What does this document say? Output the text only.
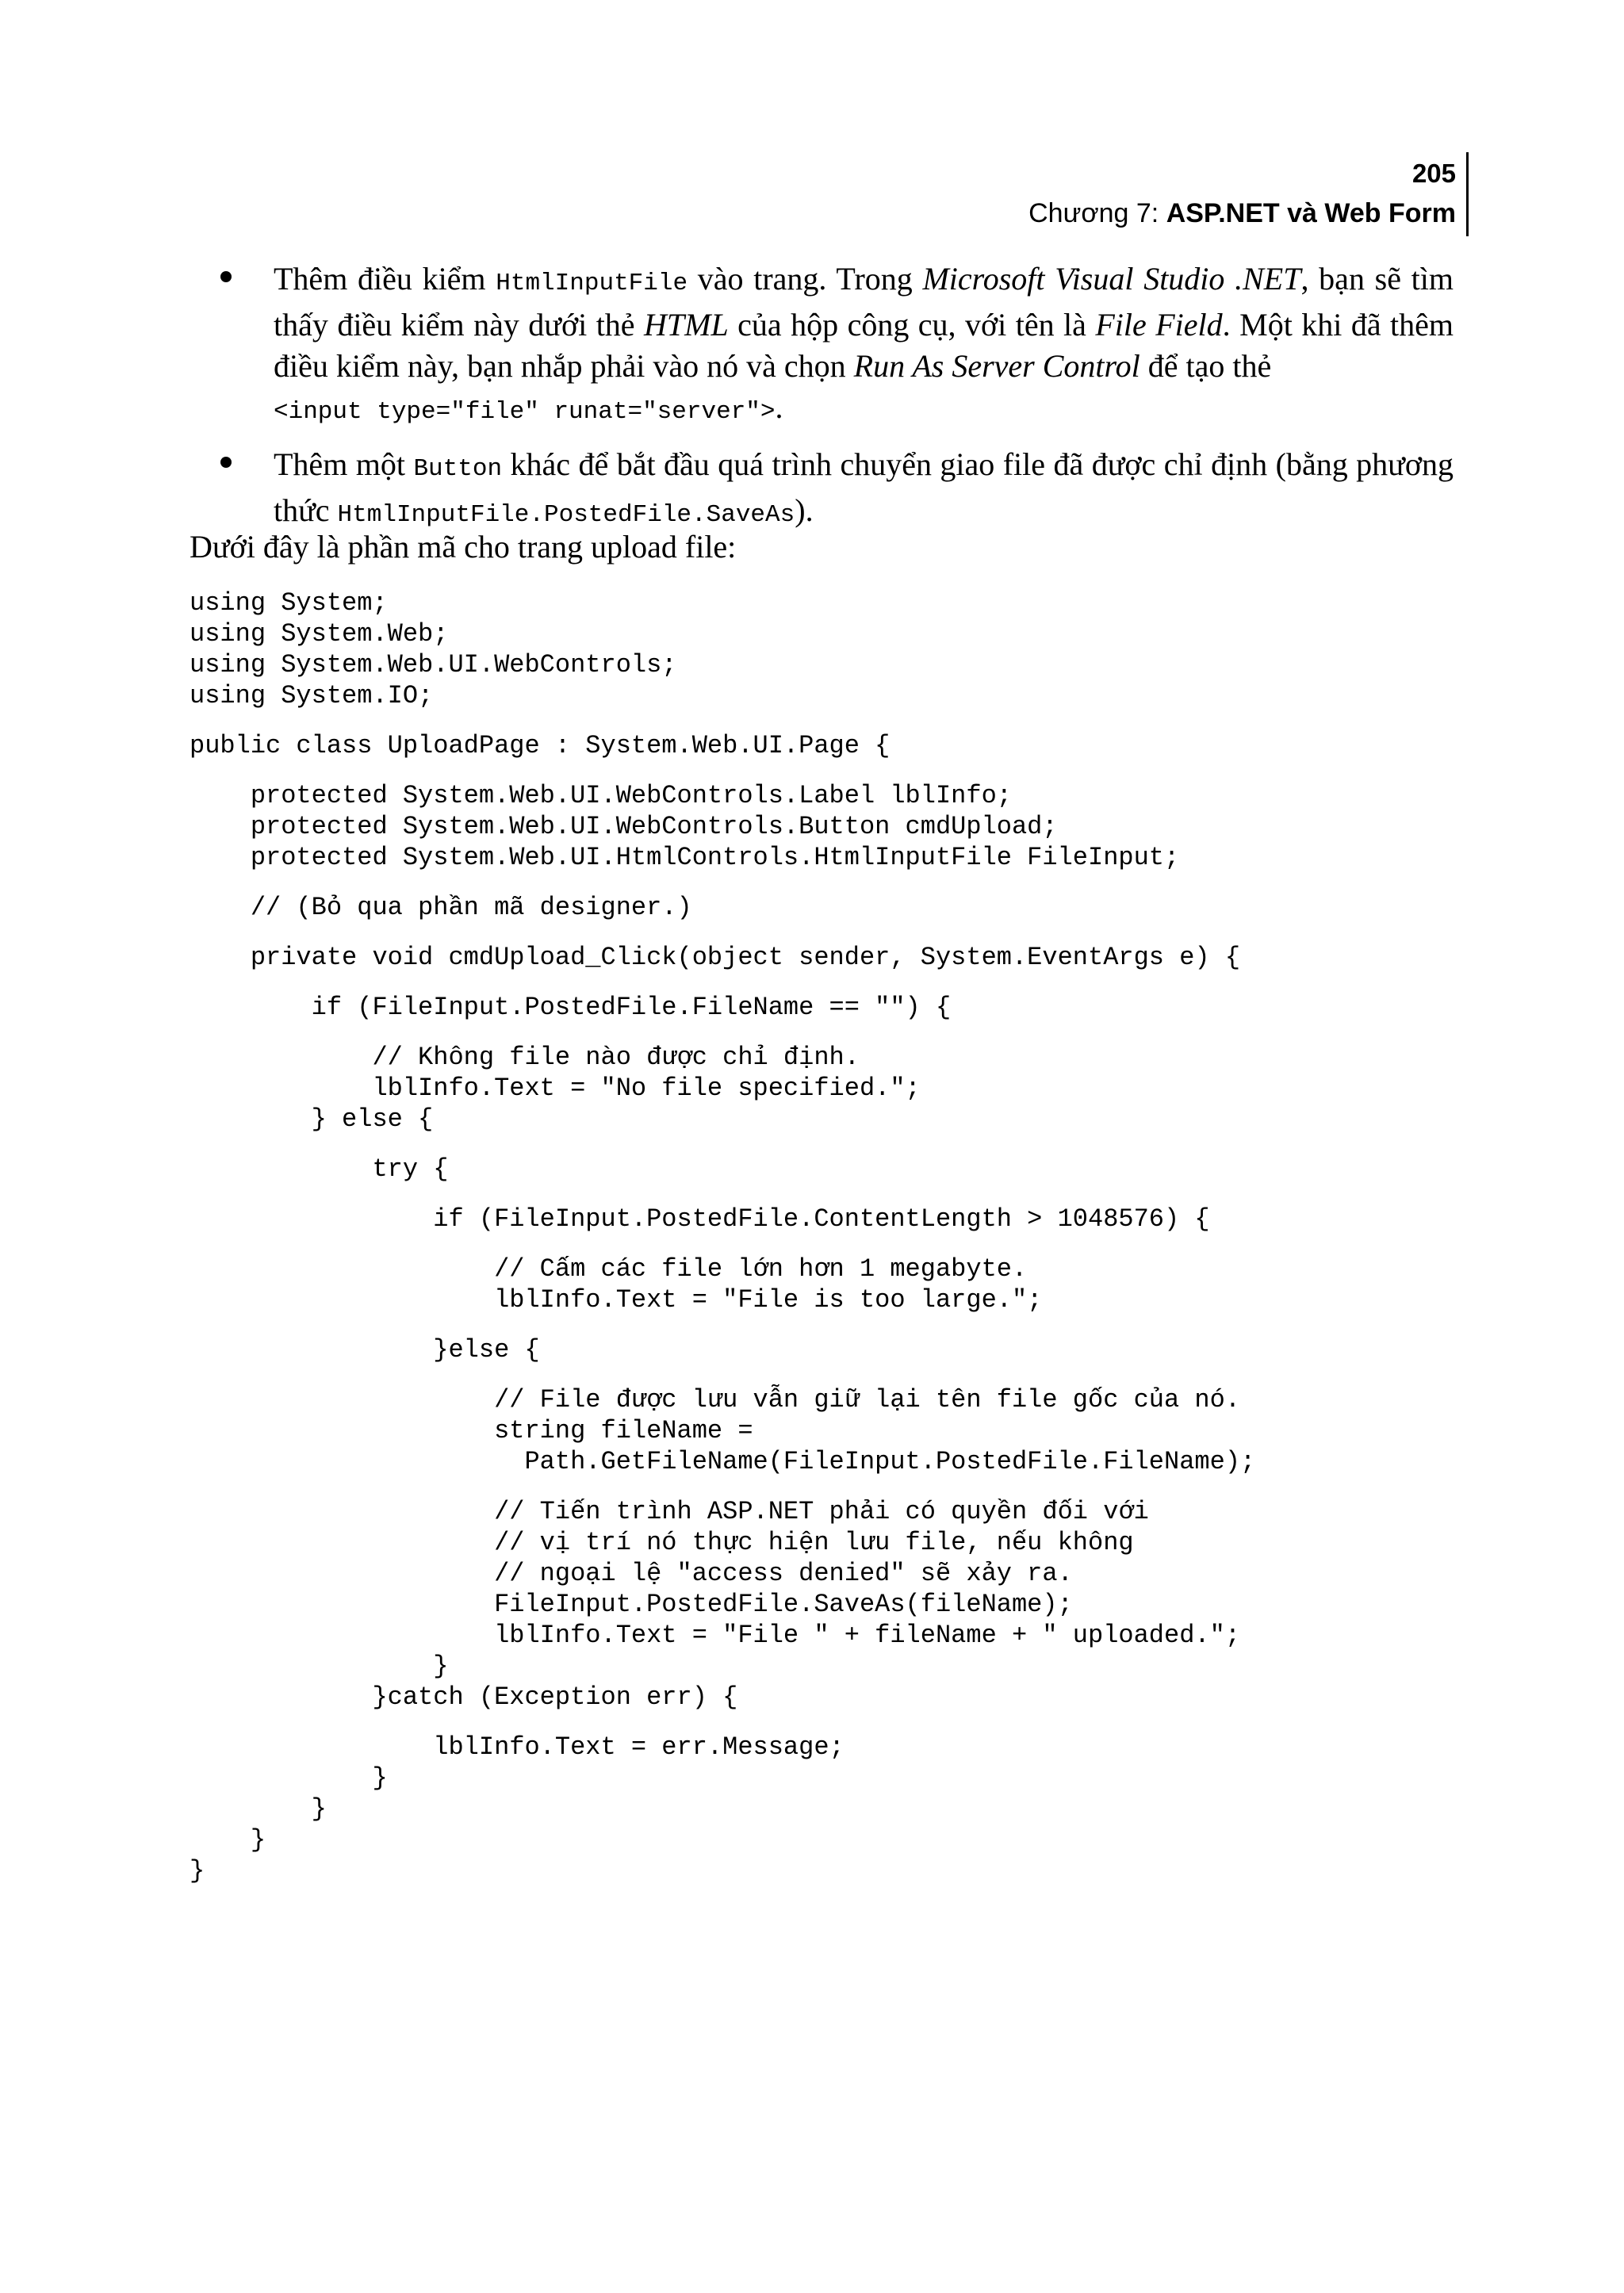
205
Chương 7: ASP.NET và Web Form
Thêm điều kiểm HtmlInputFile vào trang. Trong Microsoft Visual Studio .NET, bạn sẽ tìm thấy điều kiểm này dưới thẻ HTML của hộp công cụ, với tên là File Field. Một khi đã thêm điều kiểm này, bạn nhắp phải vào nó và chọn Run As Server Control để tạo thẻ
<input type="file" runat="server">.
Thêm một Button khác để bắt đầu quá trình chuyển giao file đã được chỉ định (bằng phương thức HtmlInputFile.PostedFile.SaveAs).

Dưới đây là phần mã cho trang upload file:

using System;
using System.Web;
using System.Web.UI.WebControls;
using System.IO;
public class UploadPage : System.Web.UI.Page {
protected System.Web.UI.WebControls.Label lblInfo;
protected System.Web.UI.WebControls.Button cmdUpload;
protected System.Web.UI.HtmlControls.HtmlInputFile FileInput;
// (Bỏ qua phần mã designer.)
private void cmdUpload_Click(object sender, System.EventArgs e) {
if (FileInput.PostedFile.FileName == "") {
// Không file nào được chỉ định.
lblInfo.Text = "No file specified.";
} else {
try {
if (FileInput.PostedFile.ContentLength > 1048576) {
// Cấm các file lớn hơn 1 megabyte.
lblInfo.Text = "File is too large.";
}else {
// File được lưu vẫn giữ lại tên file gốc của nó.
string fileName =
Path.GetFileName(FileInput.PostedFile.FileName);
// Tiến trình ASP.NET phải có quyền đối với
// vị trí nó thực hiện lưu file, nếu không
// ngoại lệ "access denied" sẽ xảy ra.
FileInput.PostedFile.SaveAs(fileName);
lblInfo.Text = "File " + fileName + " uploaded.";
}
}catch (Exception err) {
lblInfo.Text = err.Message;
}
}
}
}
